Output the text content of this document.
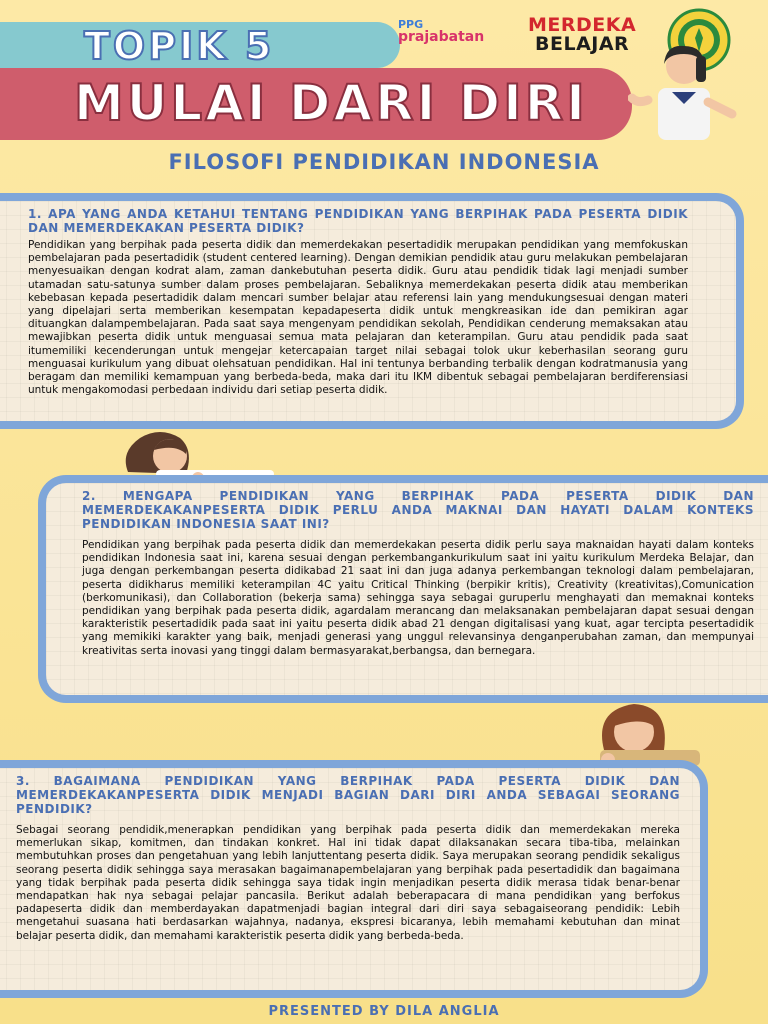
TOPIK 5
MULAI DARI DIRI
PPG
prajabatan
MERDEKA
BELAJAR
FILOSOFI PENDIDIKAN INDONESIA
1. APA YANG ANDA KETAHUI TENTANG PENDIDIKAN YANG BERPIHAK PADA PESERTA DIDIK DAN MEMERDEKAKAN PESERTA DIDIK?
Pendidikan yang berpihak pada peserta didik dan memerdekakan pesertadidik merupakan pendidikan yang memfokuskan pembelajaran pada pesertadidik (student centered learning). Dengan demikian pendidik atau guru melakukan pembelajaran menyesuaikan dengan kodrat alam, zaman dankebutuhan peserta didik. Guru atau pendidik tidak lagi menjadi sumber utamadan satu-satunya sumber dalam proses pembelajaran. Sebaliknya memerdekakan peserta didik atau memberikan kebebasan kepada pesertadidik dalam mencari sumber belajar atau referensi lain yang mendukungsesuai dengan materi yang dipelajari serta memberikan kesempatan kepadapeserta didik untuk mengkreasikan ide dan pemikiran agar dituangkan dalampembelajaran. Pada saat saya mengenyam pendidikan sekolah, Pendidikan cenderung memaksakan atau mewajibkan peserta didik untuk menguasai semua mata pelajaran dan keterampilan. Guru atau pendidik pada saat itumemiliki kecenderungan untuk mengejar ketercapaian target nilai sebagai tolok ukur keberhasilan seorang guru menguasai kurikulum yang dibuat olehsatuan pendidikan. Hal ini tentunya berbanding terbalik dengan kodratmanusia yang beragam dan memiliki kemampuan yang berbeda-beda, maka dari itu IKM dibentuk sebagai pembelajaran berdiferensiasi untuk mengakomodasi perbedaan individu dari setiap peserta didik.
2. MENGAPA PENDIDIKAN YANG BERPIHAK PADA PESERTA DIDIK DAN MEMERDEKAKANPESERTA DIDIK PERLU ANDA MAKNAI DAN HAYATI DALAM KONTEKS PENDIDIKAN INDONESIA SAAT INI?
Pendidikan yang berpihak pada peserta didik dan memerdekakan peserta didik perlu saya maknaidan hayati dalam konteks pendidikan Indonesia saat ini, karena sesuai dengan perkembangankurikulum saat ini yaitu kurikulum Merdeka Belajar, dan juga dengan perkembangan peserta didikabad 21 saat ini dan juga adanya perkembangan teknologi dalam pembelajaran, peserta didikharus memiliki keterampilan 4C yaitu Critical Thinking (berpikir kritis), Creativity (kreativitas),Comunication (berkomunikasi), dan Collaboration (bekerja sama) sehingga saya sebagai guruperlu menghayati dan memaknai konteks pendidikan yang berpihak pada peserta didik, agardalam merancang dan melaksanakan pembelajaran dapat sesuai dengan karakteristik pesertadidik pada saat ini yaitu peserta didik abad 21 dengan digitalisasi yang kuat, agar tercipta pesertadidik yang memikiki karakter yang baik, menjadi generasi yang unggul relevansinya denganperubahan zaman, dan mempunyai kreativitas serta inovasi yang tinggi dalam bermasyarakat,berbangsa, dan bernegara.
3. BAGAIMANA PENDIDIKAN YANG BERPIHAK PADA PESERTA DIDIK DAN MEMERDEKAKANPESERTA DIDIK MENJADI BAGIAN DARI DIRI ANDA SEBAGAI SEORANG PENDIDIK?
Sebagai seorang pendidik,menerapkan pendidikan yang berpihak pada peserta didik dan memerdekakan mereka memerlukan sikap, komitmen, dan tindakan konkret. Hal ini tidak dapat dilaksanakan secara tiba-tiba, melainkan membutuhkan proses dan pengetahuan yang lebih lanjuttentang peserta didik. Saya merupakan seorang pendidik sekaligus seorang peserta didik sehingga saya merasakan bagaimanapembelajaran yang berpihak pada pesertadidik dan bagaimana yang tidak berpihak pada peserta didik sehingga saya tidak ingin menjadikan peserta didik merasa tidak benar-benar mendapatkan hak nya sebagai pelajar pancasila. Berikut adalah beberapacara di mana pendidikan yang berfokus padapeserta didik dan memberdayakan dapatmenjadi bagian integral dari diri saya sebagaiseorang pendidik: Lebih mengetahui suasana hati berdasarkan wajahnya, nadanya, ekspresi bicaranya, lebih memahami kebutuhan dan minat belajar peserta didik, dan memahami karakteristik peserta didik yang berbeda-beda.
PRESENTED BY DILA ANGLIA
